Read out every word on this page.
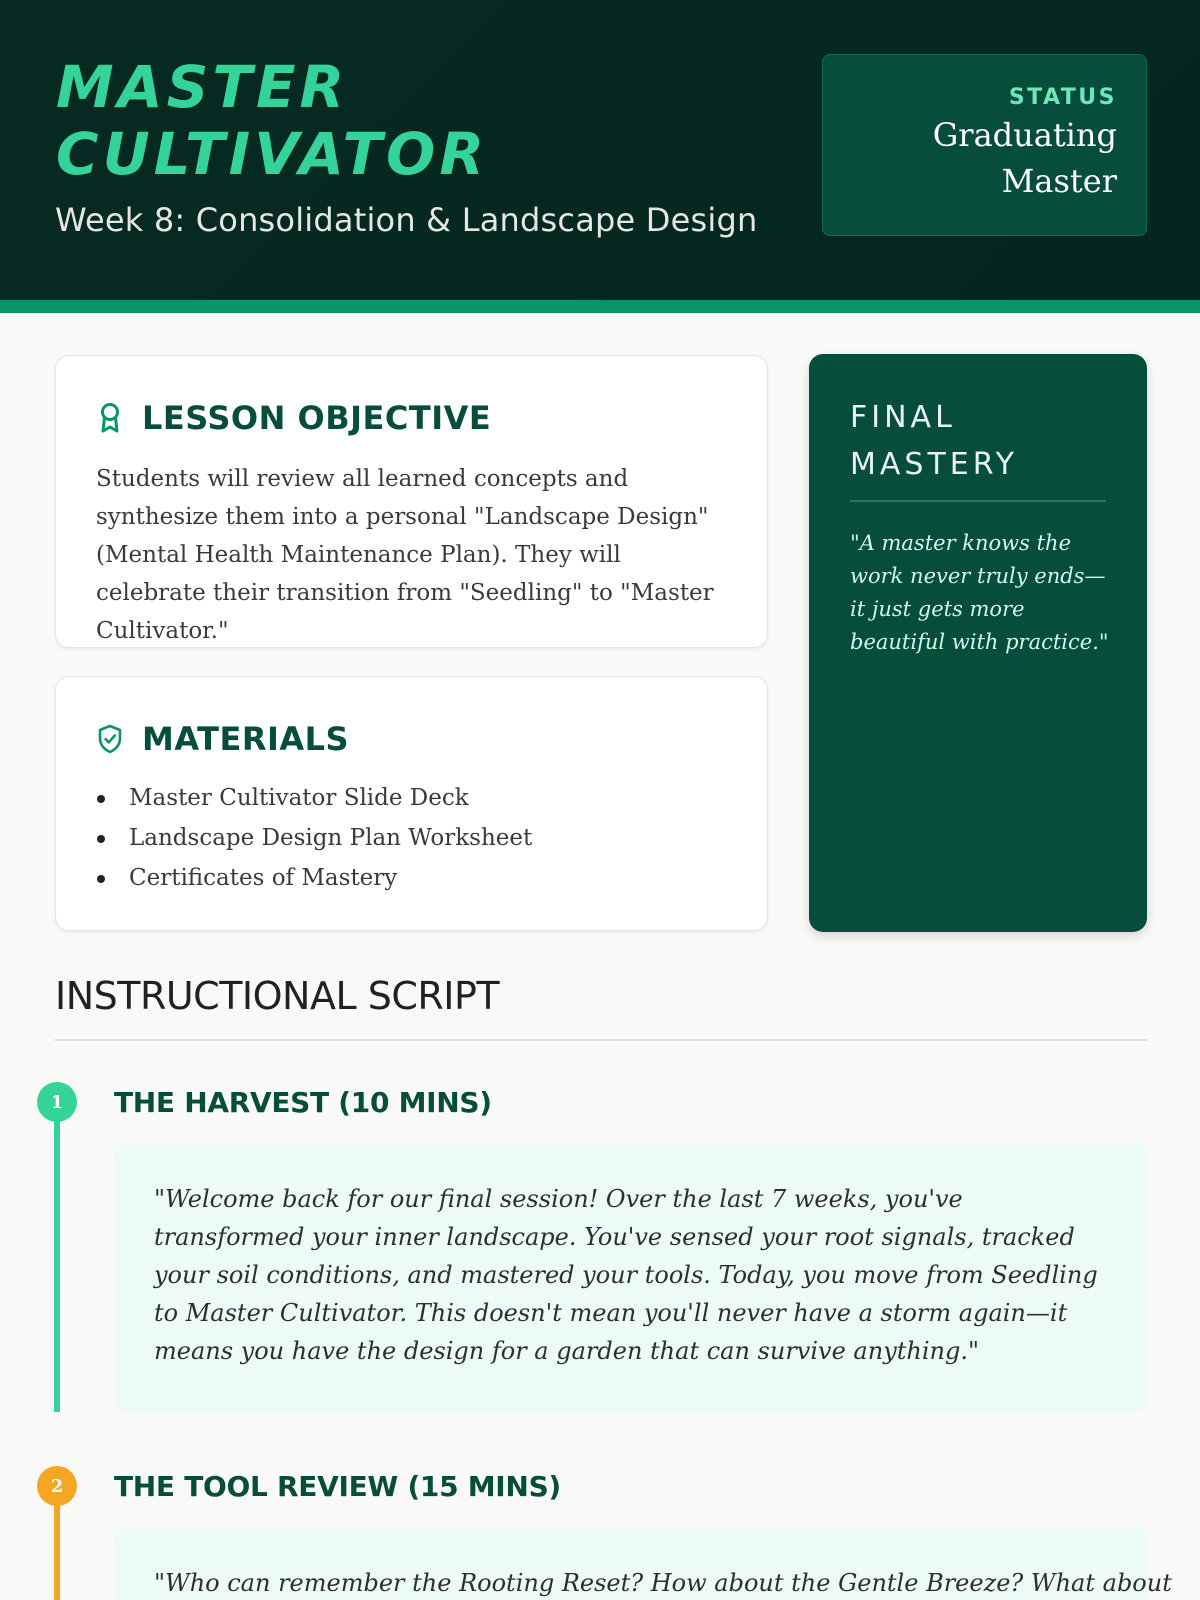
MASTER
CULTIVATOR
Week 8: Consolidation & Landscape Design
STATUS
Graduating
Master
LESSON OBJECTIVE

Students will review all learned concepts and synthesize them into a personal "Landscape Design" (Mental Health Maintenance Plan). They will celebrate their transition from "Seedling" to "Master Cultivator."

MATERIALS
Master Cultivator Slide Deck
Landscape Design Plan Worksheet
Certificates of Mastery
FINAL
MASTERY

"A master knows the work never truly ends—it just gets more beautiful with practice."

INSTRUCTIONAL SCRIPT
1	THE HARVEST (10 MINS)

"Welcome back for our final session! Over the last 7 weeks, you've transformed your inner landscape. You've sensed your root signals, tracked your soil conditions, and mastered your tools. Today, you move from Seedling to Master Cultivator. This doesn't mean you'll never have a storm again—it means you have the design for a garden that can survive anything."

2	THE TOOL REVIEW (15 MINS)

"Who can remember the Rooting Reset? How about the Gentle Breeze? What about
